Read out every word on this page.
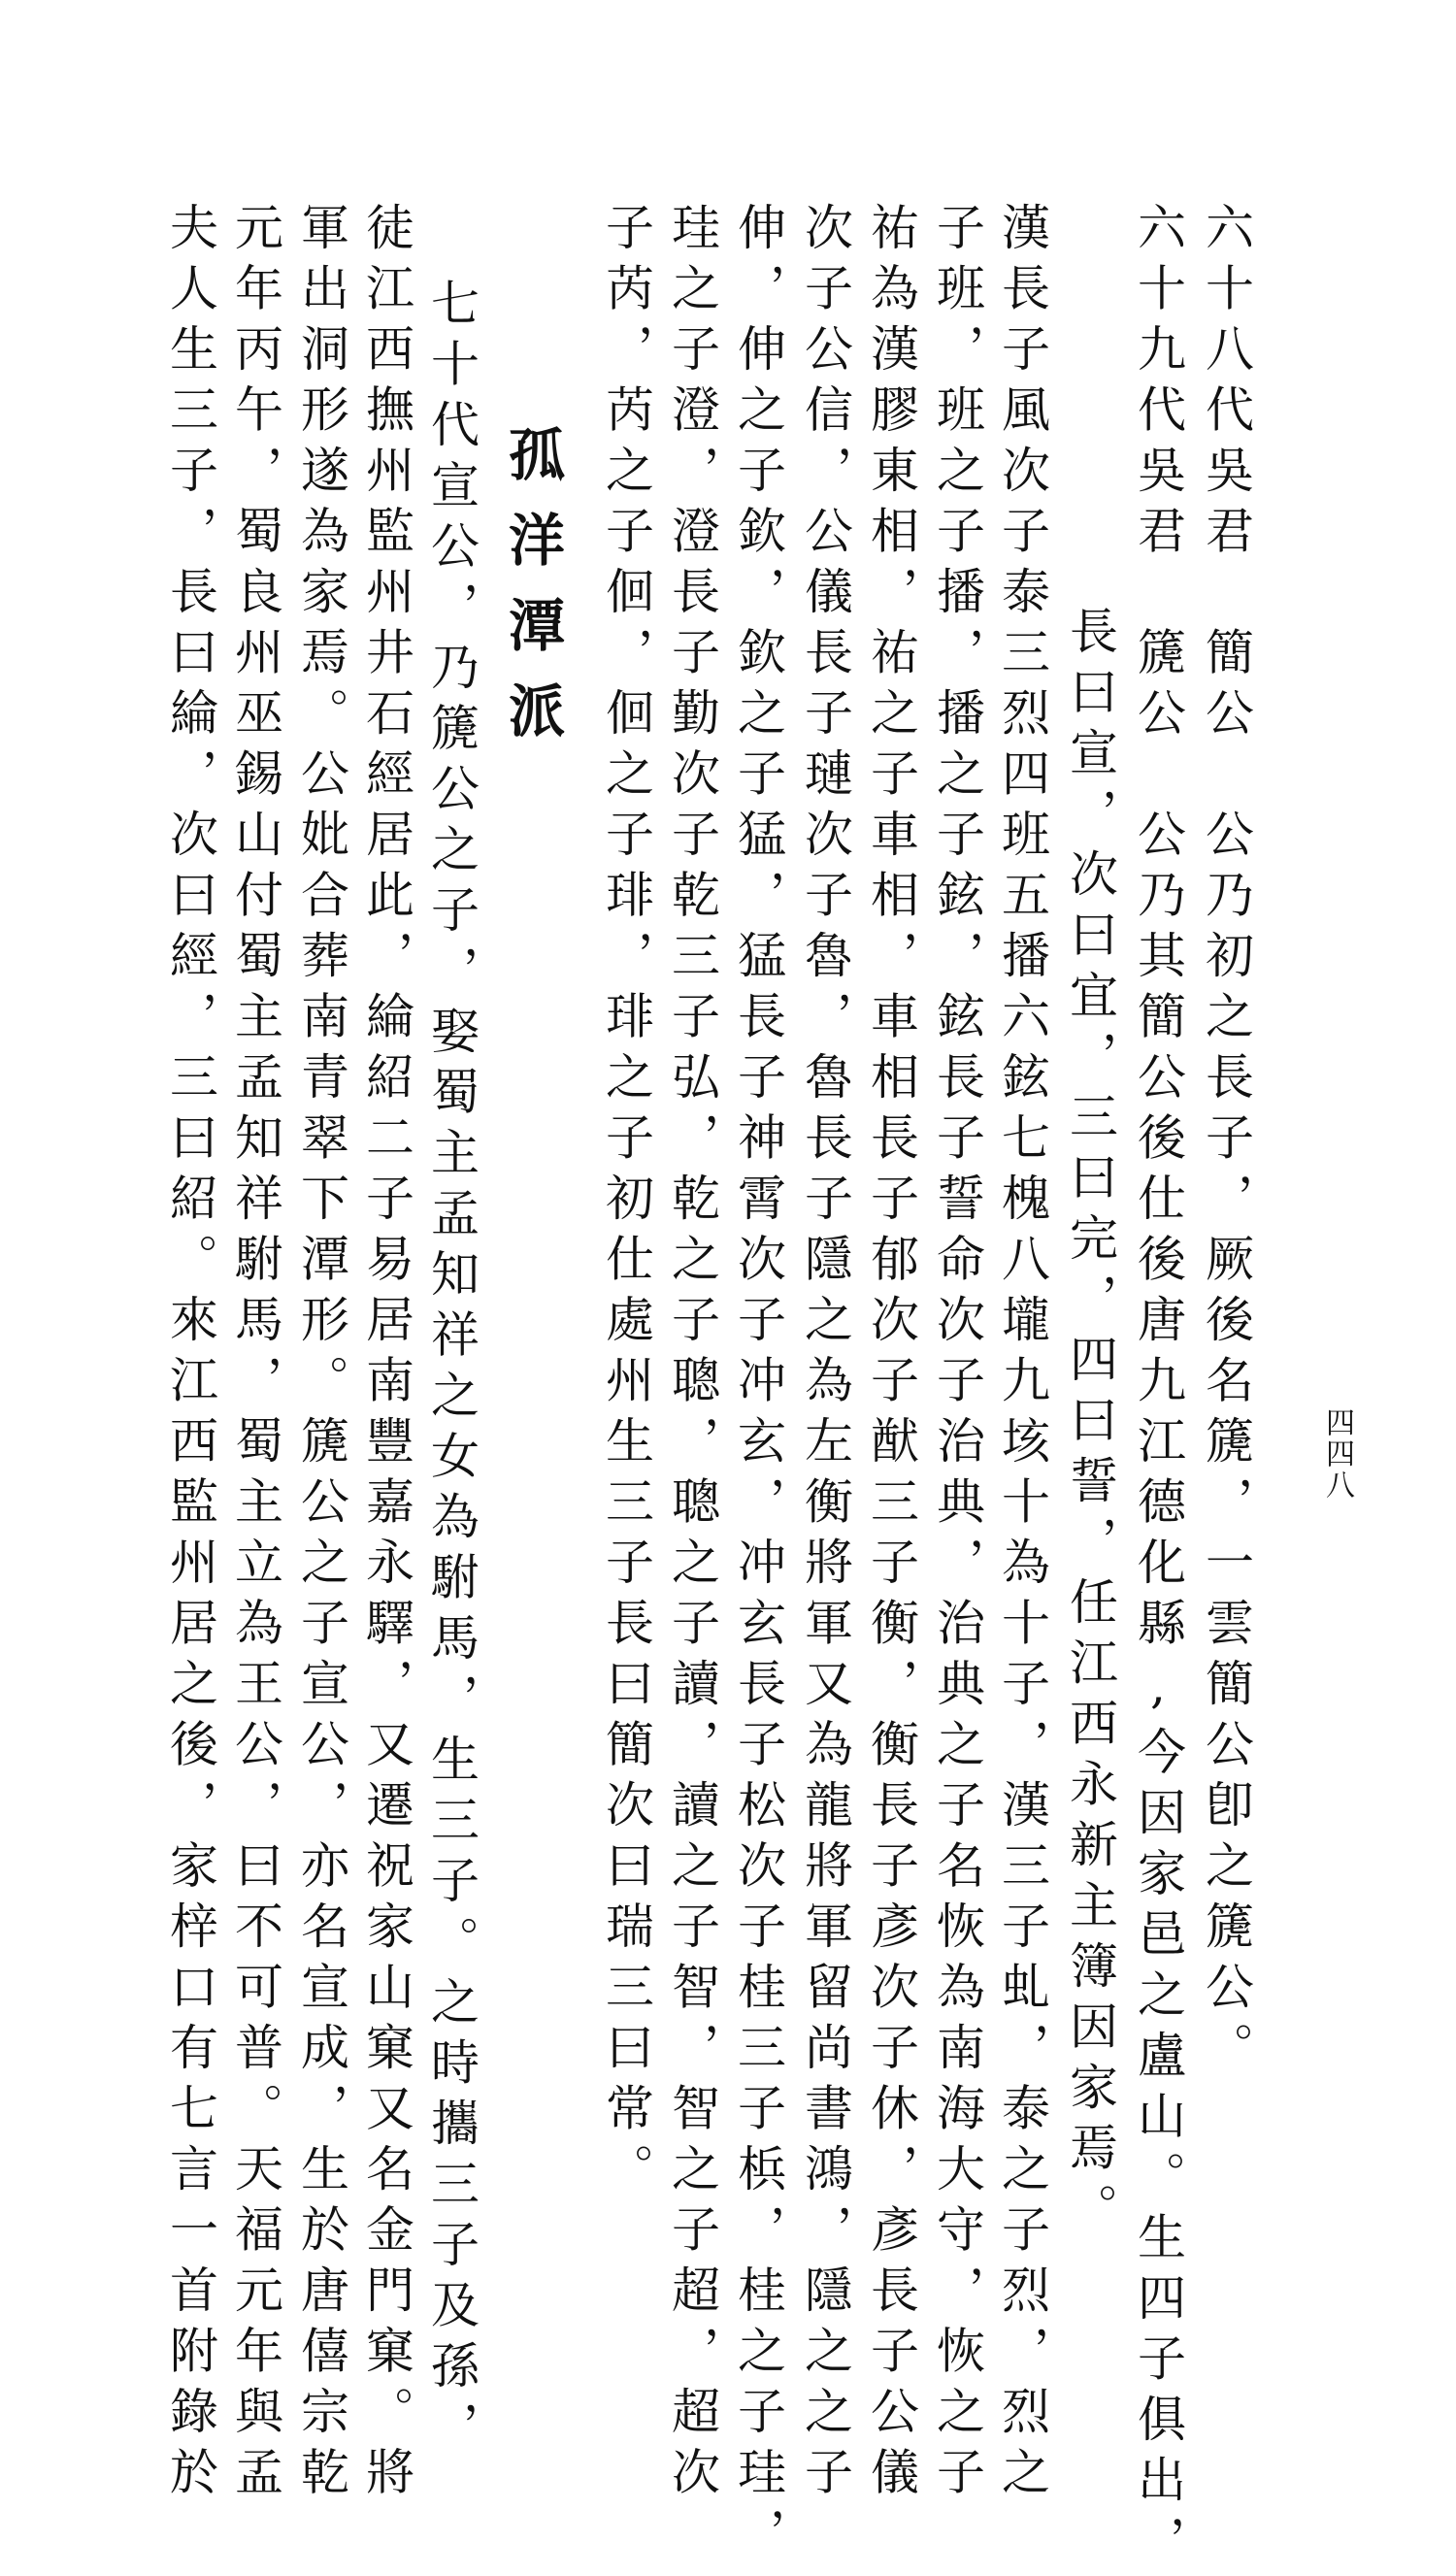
四四八
六十八代吳君　簡公　公乃初之長子，厥後名篪，一雲簡公卽之篪公。
六十九代吳君　篪公　公乃其簡公後仕後唐九江德化縣,今因家邑之盧山。生四子俱出，
長曰宣，次曰宜，三曰完，四曰誓，任江西永新主簿因家焉。
漢長子風次子泰三烈四班五播六鉉七槐八壠九垓十為十子，漢三子虬，泰之子烈，烈之
子班，班之子播，播之子鉉，鉉長子誓命次子治典，治典之子名恢為南海大守，恢之子
祐為漢膠東相，祐之子車相，車相長子郁次子猷三子衡，衡長子彥次子休，彥長子公儀
次子公信，公儀長子璉次子魯，魯長子隱之為左衡將軍又為龍將軍留尚書鴻，隱之之子
伸，伸之子欽，欽之子猛，猛長子神霄次子冲玄，冲玄長子松次子桂三子梹，桂之子珪，
珪之子澄，澄長子勤次子乾三子弘，乾之子聰，聰之子讀，讀之子智，智之子超，超次
子芮，芮之子佪，佪之子琲，琲之子初仕處州生三子長曰簡次曰瑞三曰常。
孤洋潭派
七十代宣公，乃篪公之子，娶蜀主孟知祥之女為駙馬，生三子。之時攜三子及孫，
徒江西撫州監州井石經居此，綸紹二子易居南豐嘉永驛，又遷祝家山窠又名金門窠。將
軍出洞形遂為家焉。公妣合葬南青翠下潭形。篪公之子宣公，亦名宣成，生於唐僖宗乾
元年丙午，蜀良州巫錫山付蜀主孟知祥駙馬，蜀主立為王公，曰不可普。天福元年與孟
夫人生三子，長曰綸，次曰經，三曰紹。來江西監州居之後，家梓口有七言一首附錄於
